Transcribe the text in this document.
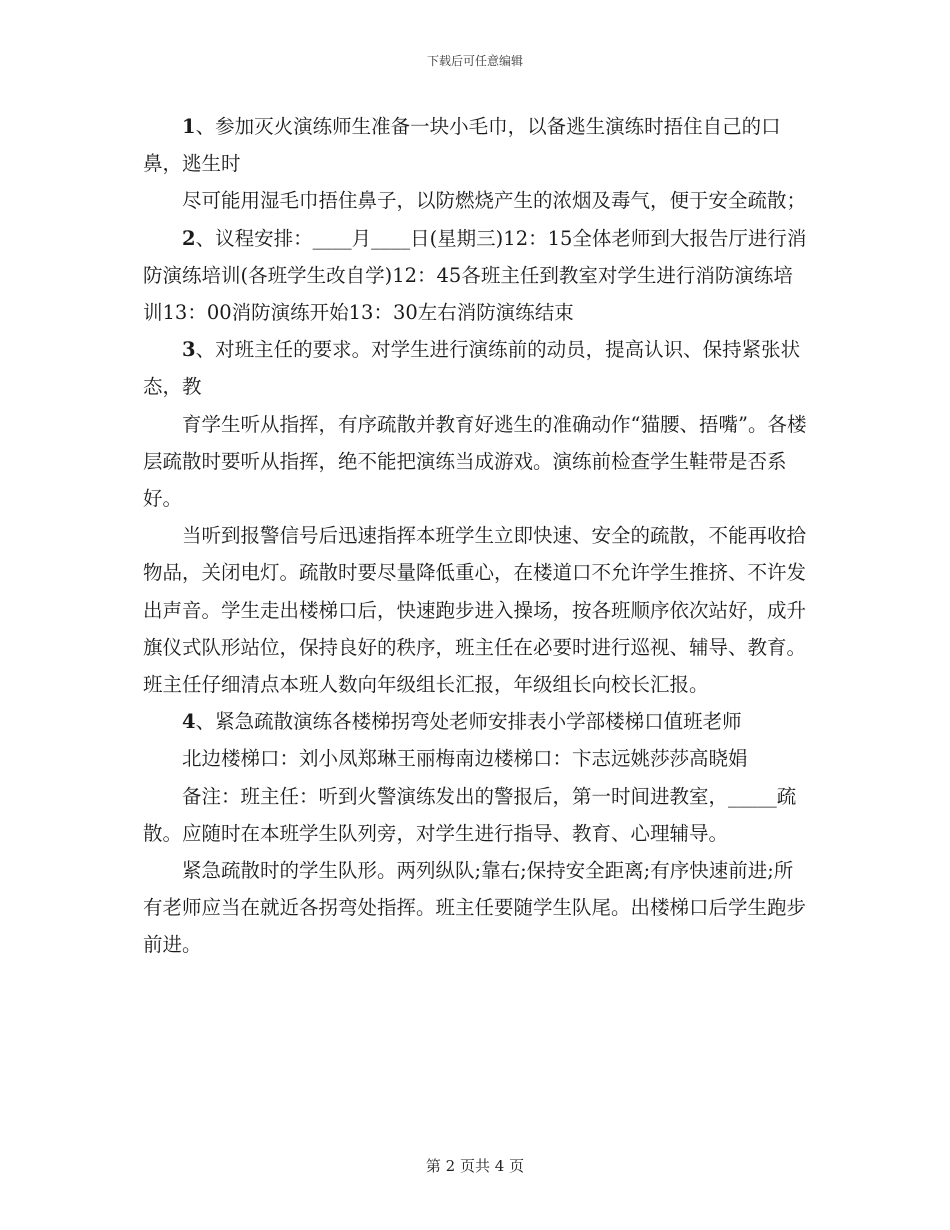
下载后可任意编辑

1、参加灭火演练师生准备一块小毛巾，以备逃生演练时捂住自己的口鼻，逃生时

尽可能用湿毛巾捂住鼻子，以防燃烧产生的浓烟及毒气，便于安全疏散；

2、议程安排：____月____日(星期三)12：15全体老师到大报告厅进行消防演练培训(各班学生改自学)12：45各班主任到教室对学生进行消防演练培训13：00消防演练开始13：30左右消防演练结束

3、对班主任的要求。对学生进行演练前的动员，提高认识、保持紧张状态，教

育学生听从指挥，有序疏散并教育好逃生的准确动作“猫腰、捂嘴”。各楼层疏散时要听从指挥，绝不能把演练当成游戏。演练前检查学生鞋带是否系好。

当听到报警信号后迅速指挥本班学生立即快速、安全的疏散，不能再收拾物品，关闭电灯。疏散时要尽量降低重心，在楼道口不允许学生推挤、不许发出声音。学生走出楼梯口后，快速跑步进入操场，按各班顺序依次站好，成升旗仪式队形站位，保持良好的秩序，班主任在必要时进行巡视、辅导、教育。班主任仔细清点本班人数向年级组长汇报，年级组长向校长汇报。

4、紧急疏散演练各楼梯拐弯处老师安排表小学部楼梯口值班老师

北边楼梯口：刘小凤郑琳王丽梅南边楼梯口：卞志远姚莎莎高晓娟

备注：班主任：听到火警演练发出的警报后，第一时间进教室，_____疏散。应随时在本班学生队列旁，对学生进行指导、教育、心理辅导。

紧急疏散时的学生队形。两列纵队;靠右;保持安全距离;有序快速前进;所有老师应当在就近各拐弯处指挥。班主任要随学生队尾。出楼梯口后学生跑步前进。

第 2 页共 4 页
